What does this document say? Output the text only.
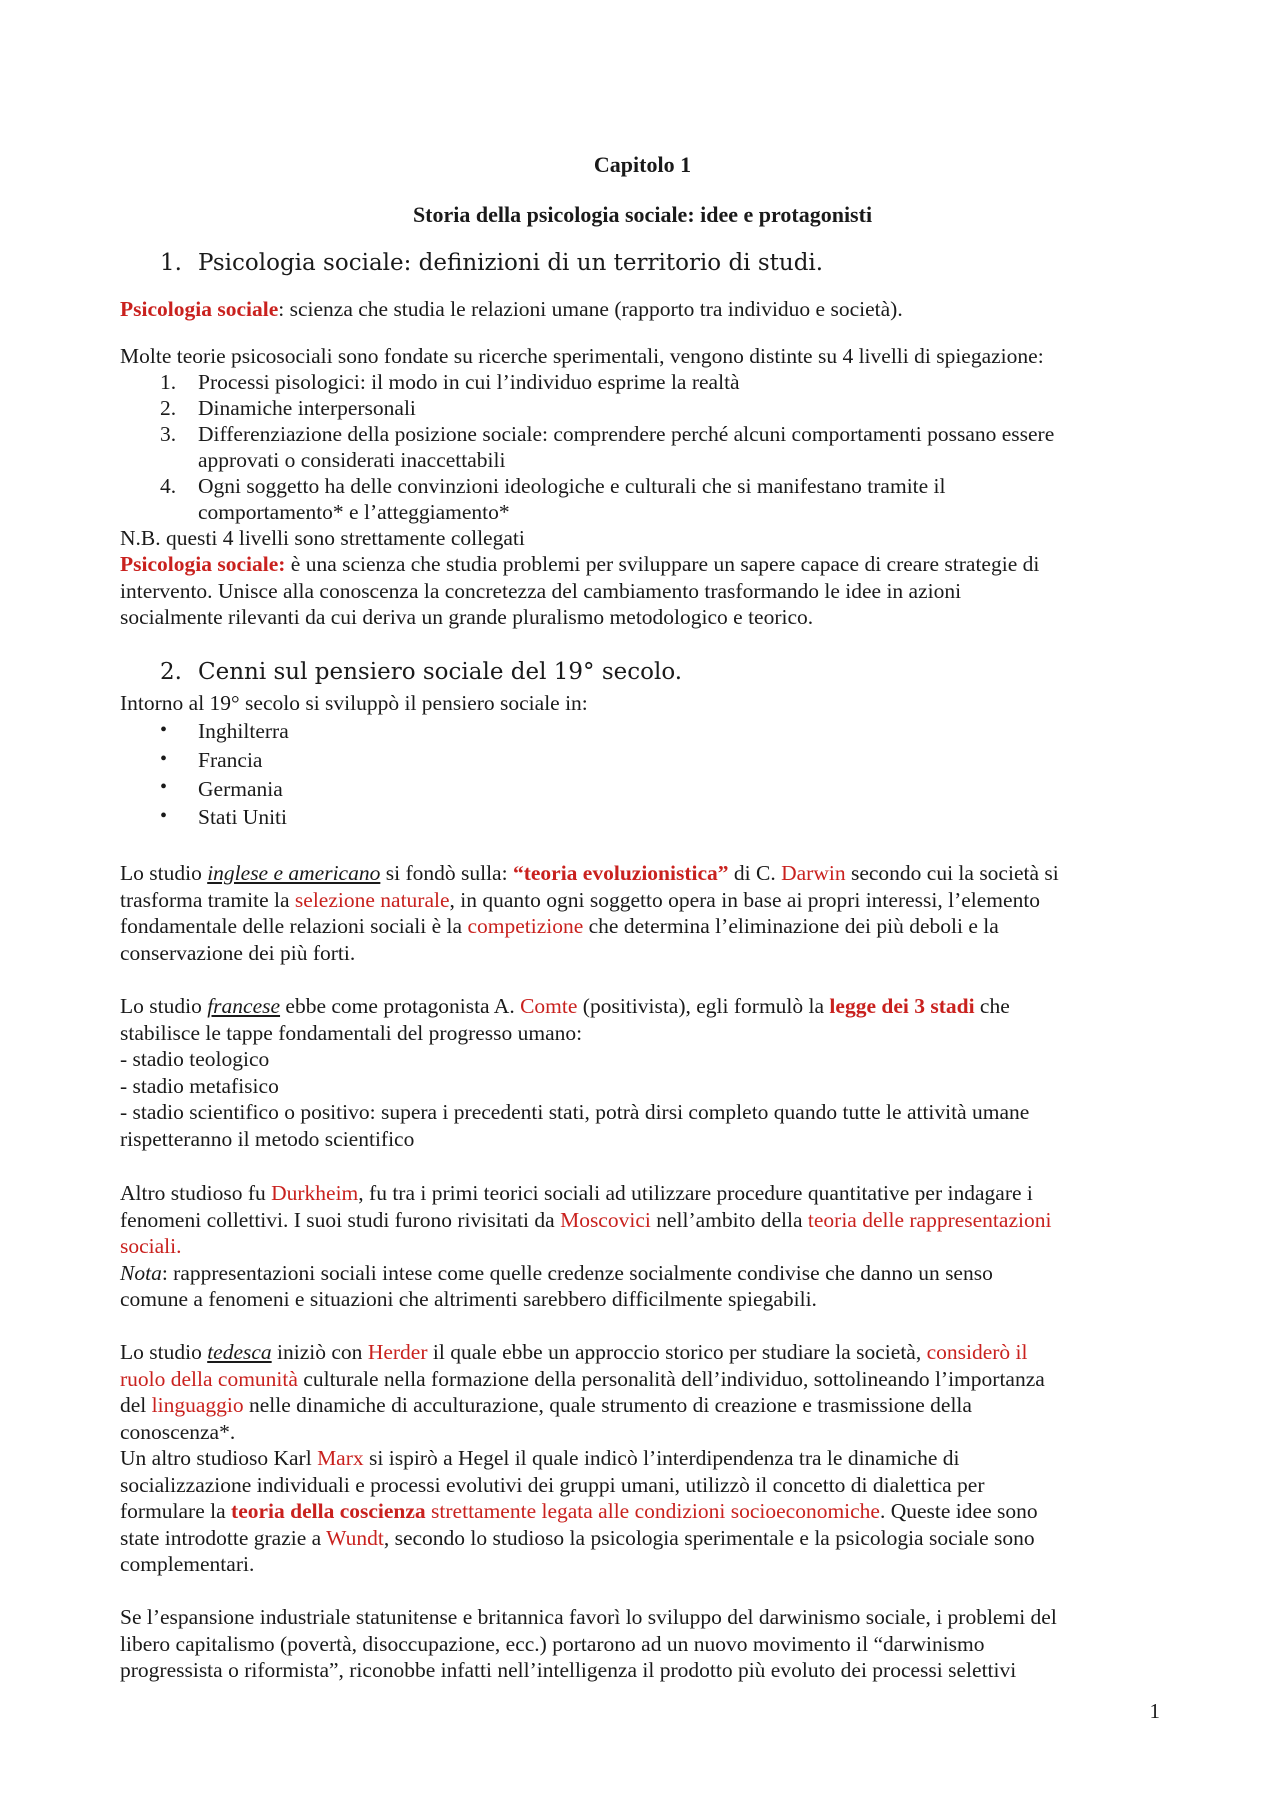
Capitolo 1
Storia della psicologia sociale: idee e protagonisti
1. Psicologia sociale: definizioni di un territorio di studi.
Psicologia sociale: scienza che studia le relazioni umane (rapporto tra individuo e società).
Molte teorie psicosociali sono fondate su ricerche sperimentali, vengono distinte su 4 livelli di spiegazione:
1. Processi pisologici: il modo in cui l’individuo esprime la realtà
2. Dinamiche interpersonali
3. Differenziazione della posizione sociale: comprendere perché alcuni comportamenti possano essere
approvati o considerati inaccettabili
4. Ogni soggetto ha delle convinzioni ideologiche e culturali che si manifestano tramite il
comportamento* e l’atteggiamento*
N.B. questi 4 livelli sono strettamente collegati
Psicologia sociale: è una scienza che studia problemi per sviluppare un sapere capace di creare strategie di
intervento. Unisce alla conoscenza la concretezza del cambiamento trasformando le idee in azioni
socialmente rilevanti da cui deriva un grande pluralismo metodologico e teorico.
2. Cenni sul pensiero sociale del 19° secolo.
Intorno al 19° secolo si sviluppò il pensiero sociale in:
• Inghilterra
• Francia
• Germania
• Stati Uniti
Lo studio inglese e americano si fondò sulla: “teoria evoluzionistica” di C. Darwin secondo cui la società si
trasforma tramite la selezione naturale, in quanto ogni soggetto opera in base ai propri interessi, l’elemento
fondamentale delle relazioni sociali è la competizione che determina l’eliminazione dei più deboli e la
conservazione dei più forti.
Lo studio francese ebbe come protagonista A. Comte (positivista), egli formulò la legge dei 3 stadi che
stabilisce le tappe fondamentali del progresso umano:
- stadio teologico
- stadio metafisico
- stadio scientifico o positivo: supera i precedenti stati, potrà dirsi completo quando tutte le attività umane
rispetteranno il metodo scientifico
Altro studioso fu Durkheim, fu tra i primi teorici sociali ad utilizzare procedure quantitative per indagare i
fenomeni collettivi. I suoi studi furono rivisitati da Moscovici nell’ambito della teoria delle rappresentazioni
sociali.
Nota: rappresentazioni sociali intese come quelle credenze socialmente condivise che danno un senso
comune a fenomeni e situazioni che altrimenti sarebbero difficilmente spiegabili.
Lo studio tedesca iniziò con Herder il quale ebbe un approccio storico per studiare la società, considerò il
ruolo della comunità culturale nella formazione della personalità dell’individuo, sottolineando l’importanza
del linguaggio nelle dinamiche di acculturazione, quale strumento di creazione e trasmissione della
conoscenza*.
Un altro studioso Karl Marx si ispirò a Hegel il quale indicò l’interdipendenza tra le dinamiche di
socializzazione individuali e processi evolutivi dei gruppi umani, utilizzò il concetto di dialettica per
formulare la teoria della coscienza strettamente legata alle condizioni socioeconomiche. Queste idee sono
state introdotte grazie a Wundt, secondo lo studioso la psicologia sperimentale e la psicologia sociale sono
complementari.
Se l’espansione industriale statunitense e britannica favorì lo sviluppo del darwinismo sociale, i problemi del
libero capitalismo (povertà, disoccupazione, ecc.) portarono ad un nuovo movimento il “darwinismo
progressista o riformista”, riconobbe infatti nell’intelligenza il prodotto più evoluto dei processi selettivi
1
